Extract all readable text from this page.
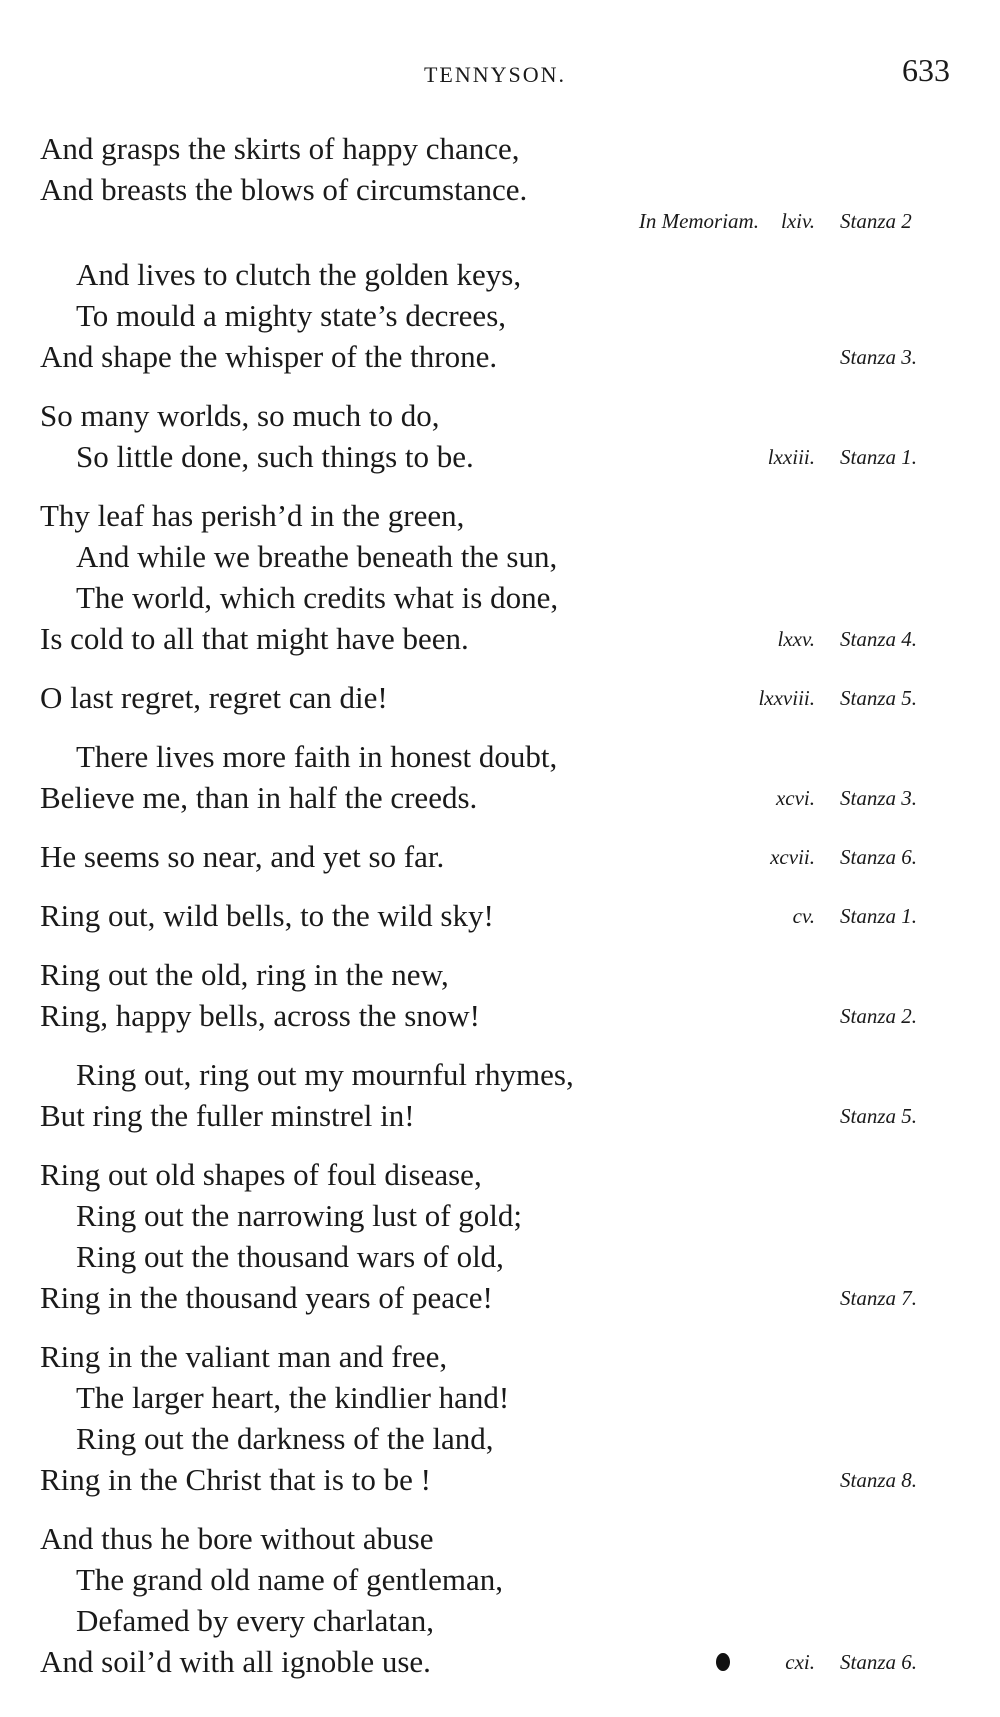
TENNYSON.	633
And grasps the skirts of happy chance,
And breasts the blows of circumstance.
In Memoriam. lxiv. Stanza 2
And lives to clutch the golden keys,
To mould a mighty state’s decrees,
And shape the whisper of the throne.	Stanza 3.
So many worlds, so much to do,
So little done, such things to be.	lxxiii. Stanza 1.
Thy leaf has perish’d in the green,
And while we breathe beneath the sun,
The world, which credits what is done,
Is cold to all that might have been.	lxxv. Stanza 4.
O last regret, regret can die!	lxxviii. Stanza 5.
There lives more faith in honest doubt,
Believe me, than in half the creeds.	xcvi. Stanza 3.
He seems so near, and yet so far.	xcvii. Stanza 6.
Ring out, wild bells, to the wild sky!	cv. Stanza 1.
Ring out the old, ring in the new,
Ring, happy bells, across the snow!	Stanza 2.
Ring out, ring out my mournful rhymes,
But ring the fuller minstrel in!	Stanza 5.
Ring out old shapes of foul disease,
Ring out the narrowing lust of gold;
Ring out the thousand wars of old,
Ring in the thousand years of peace!	Stanza 7.
Ring in the valiant man and free,
The larger heart, the kindlier hand!
Ring out the darkness of the land,
Ring in the Christ that is to be !	Stanza 8.
And thus he bore without abuse
The grand old name of gentleman,
Defamed by every charlatan,
And soil’d with all ignoble use.	cxi. Stanza 6.
